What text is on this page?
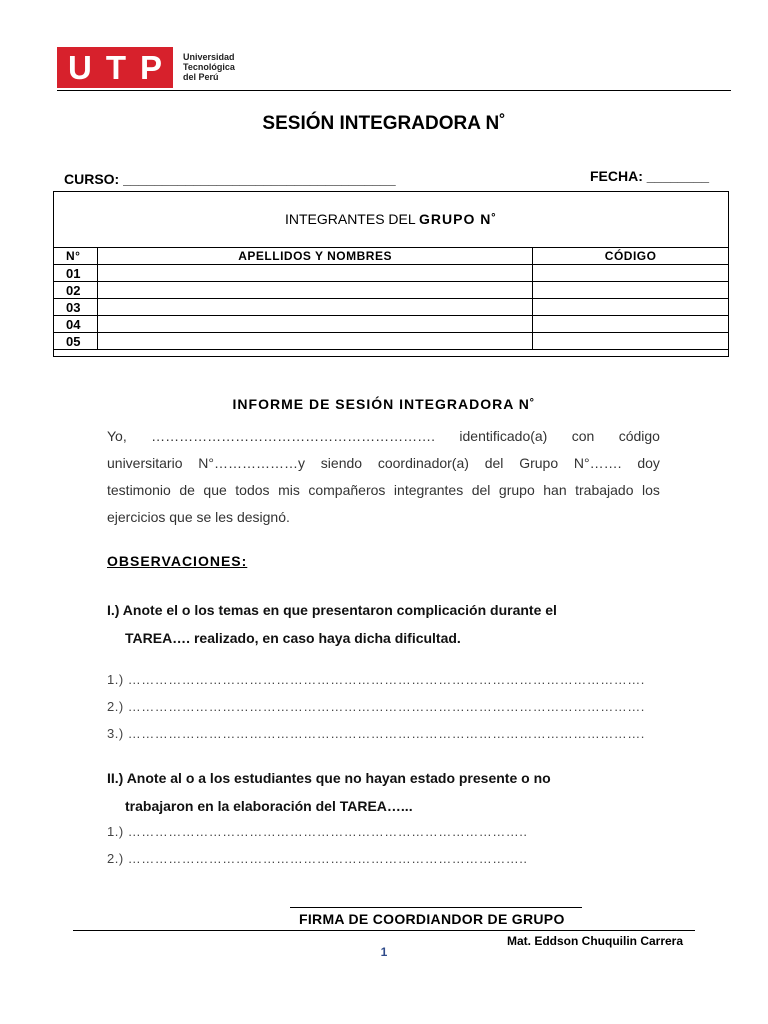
U T P Universidad
Tecnológica
del Perú
SESIÓN INTEGRADORA N˚
CURSO: ___________________________________	FECHA: ________
INTEGRANTES DEL GRUPO N˚
N°	APELLIDOS Y NOMBRES	CÓDIGO
01		
02		
03		
04		
05		
INFORME DE SESIÓN INTEGRADORA N˚
Yo, ……………………………………………………. identificado(a) con código
universitario N°………………y siendo coordinador(a) del Grupo N°……. doy
testimonio de que todos mis compañeros integrantes del grupo han trabajado los
ejercicios que se les designó.
OBSERVACIONES:
I.) Anote el o los temas en que presentaron complicación durante el
TAREA…. realizado, en caso haya dicha dificultad.
1.) …………………………………………………………………………………………………….
2.) …………………………………………………………………………………………………….
3.) …………………………………………………………………………………………………….
II.) Anote al o a los estudiantes que no hayan estado presente o no
trabajaron en la elaboración del TAREA…...
1.) ……………………………………………………………………………..
2.) ……………………………………………………………………………..
FIRMA DE COORDIANDOR DE GRUPO
Mat. Eddson Chuquilin Carrera
1
